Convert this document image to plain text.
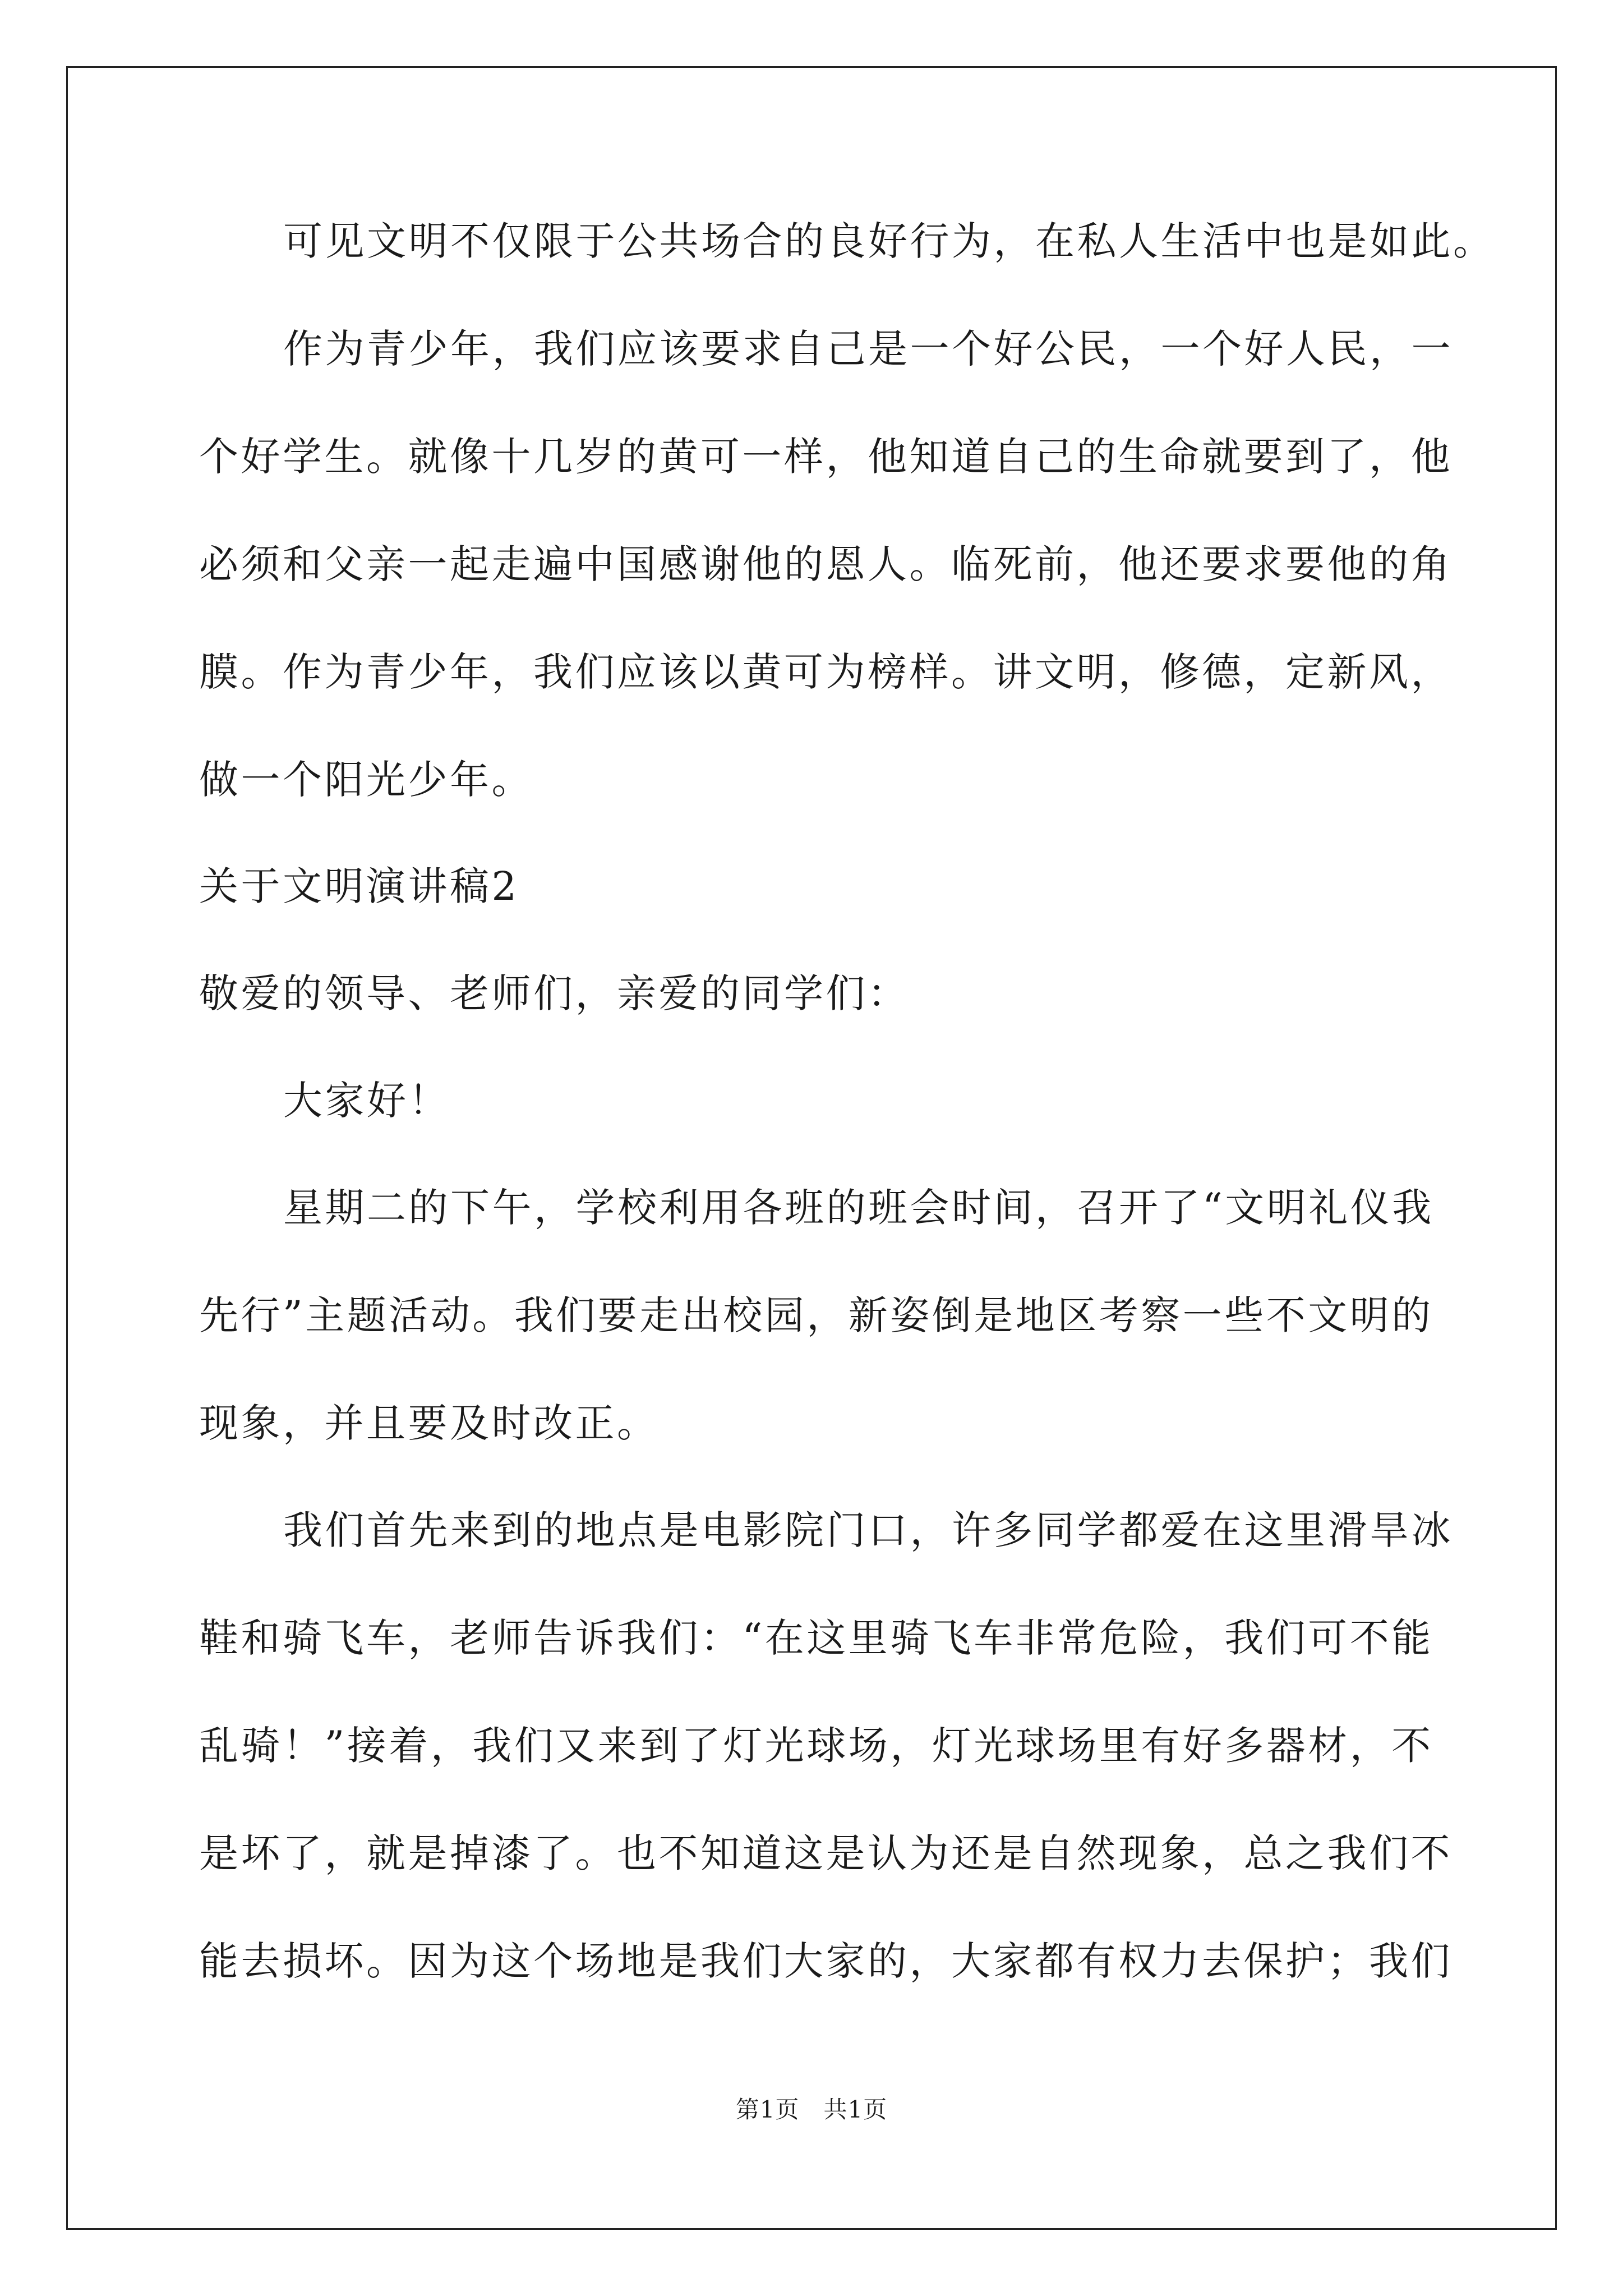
可见文明不仅限于公共场合的良好行为，在私人生活中也是如此。
作为青少年，我们应该要求自己是一个好公民，一个好人民，一
个好学生。就像十几岁的黄可一样，他知道自己的生命就要到了，他
必须和父亲一起走遍中国感谢他的恩人。临死前，他还要求要他的角
膜。作为青少年，我们应该以黄可为榜样。讲文明，修德，定新风，
做一个阳光少年。
关于文明演讲稿2
敬爱的领导、老师们，亲爱的同学们：
大家好！
星期二的下午，学校利用各班的班会时间，召开了“文明礼仪我
先行”主题活动。我们要走出校园，新姿倒是地区考察一些不文明的
现象，并且要及时改正。
我们首先来到的地点是电影院门口，许多同学都爱在这里滑旱冰
鞋和骑飞车，老师告诉我们：“在这里骑飞车非常危险，我们可不能
乱骑！”接着，我们又来到了灯光球场，灯光球场里有好多器材，不
是坏了，就是掉漆了。也不知道这是认为还是自然现象，总之我们不
能去损坏。因为这个场地是我们大家的，大家都有权力去保护；我们
第1页　共1页
